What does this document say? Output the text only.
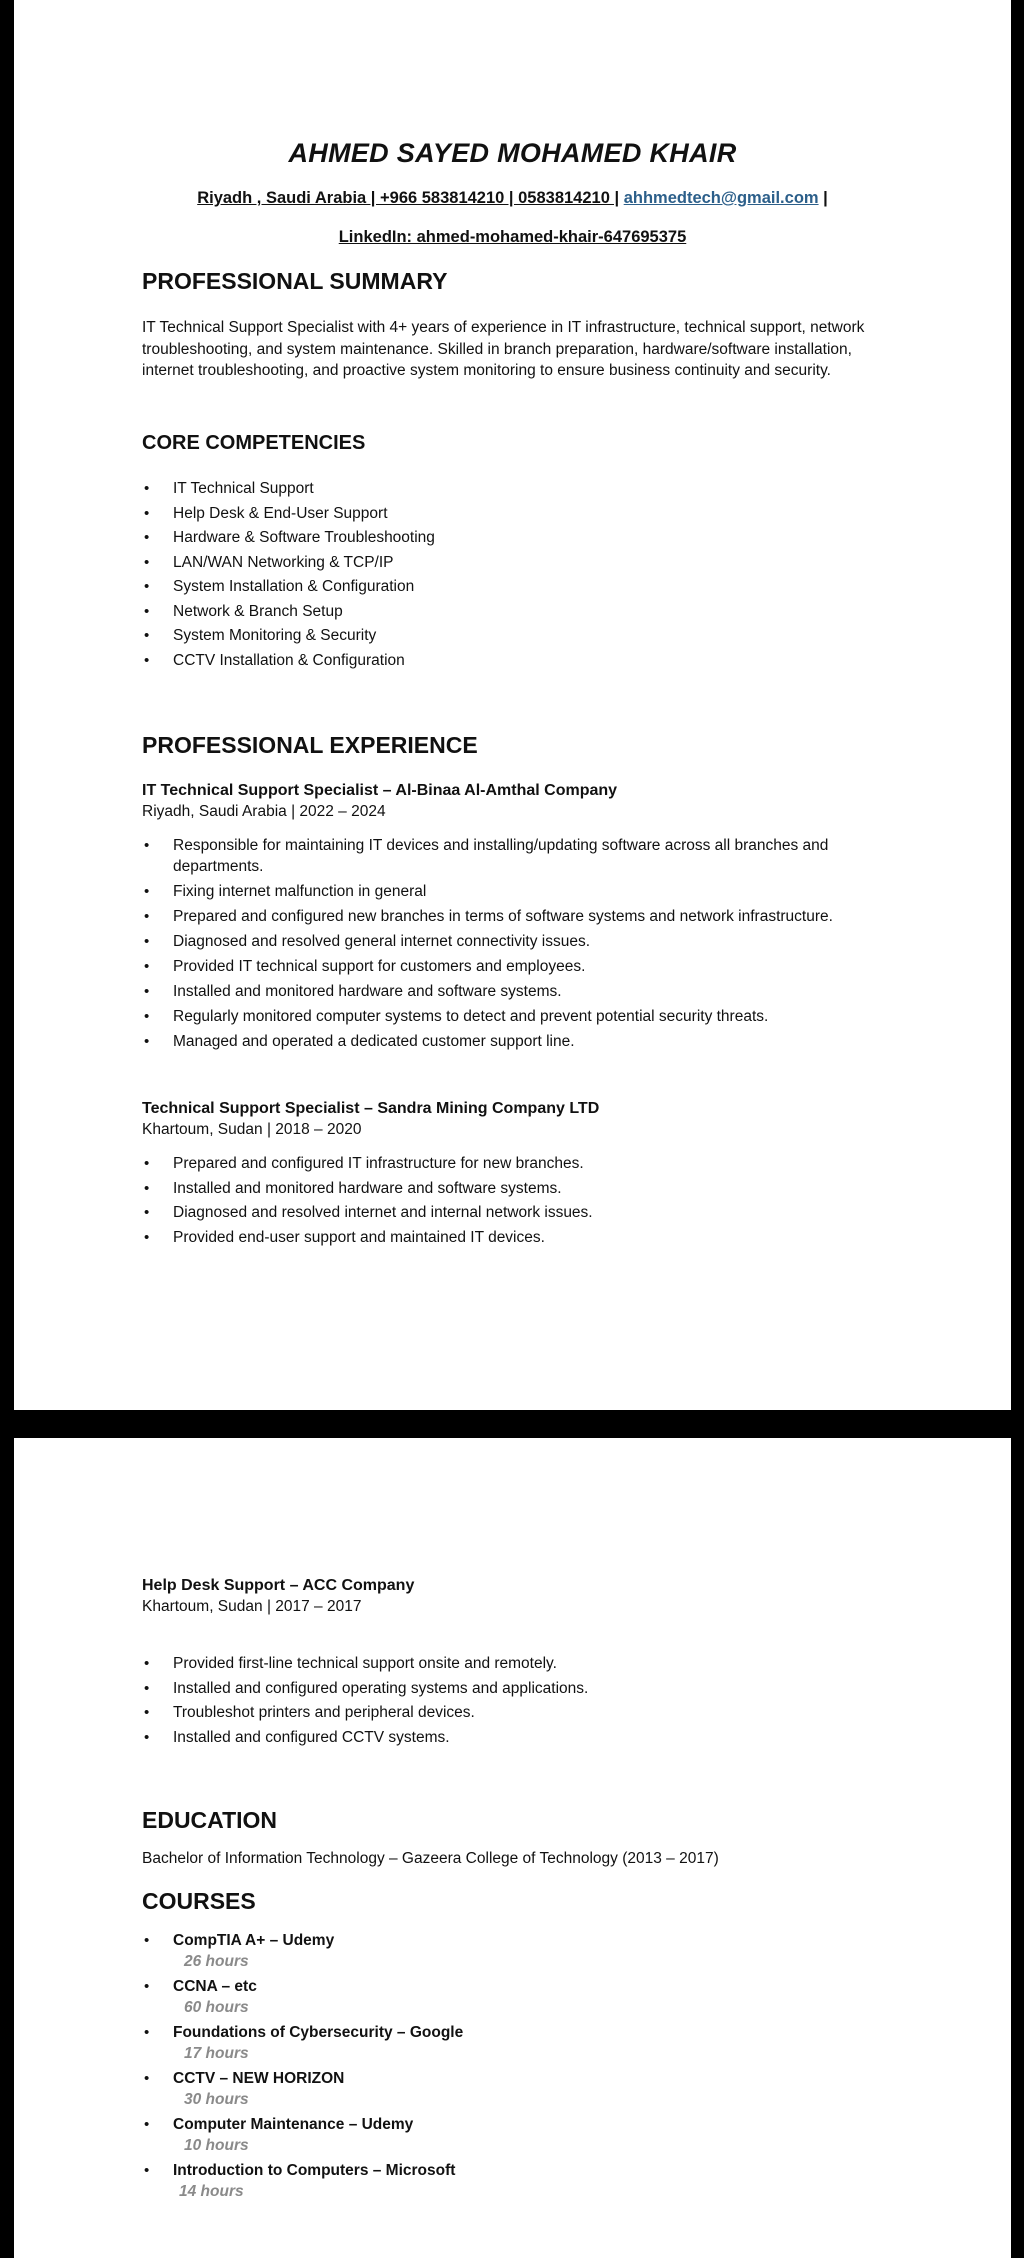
AHMED SAYED MOHAMED KHAIR
Riyadh , Saudi Arabia | +966 583814210 | 0583814210 | ahhmedtech@gmail.com |
LinkedIn: ahmed-mohamed-khair-647695375
PROFESSIONAL SUMMARY

IT Technical Support Specialist with 4+ years of experience in IT infrastructure, technical support, network troubleshooting, and system maintenance. Skilled in branch preparation, hardware/software installation, internet troubleshooting, and proactive system monitoring to ensure business continuity and security.

CORE COMPETENCIES
• IT Technical Support
• Help Desk & End-User Support
• Hardware & Software Troubleshooting
• LAN/WAN Networking & TCP/IP
• System Installation & Configuration
• Network & Branch Setup
• System Monitoring & Security
• CCTV Installation & Configuration
PROFESSIONAL EXPERIENCE
IT Technical Support Specialist – Al-Binaa Al-Amthal Company

Riyadh, Saudi Arabia | 2022 – 2024

• Responsible for maintaining IT devices and installing/updating software across all branches and departments.
• Fixing internet malfunction in general
• Prepared and configured new branches in terms of software systems and network infrastructure.
• Diagnosed and resolved general internet connectivity issues.
• Provided IT technical support for customers and employees.
• Installed and monitored hardware and software systems.
• Regularly monitored computer systems to detect and prevent potential security threats.
• Managed and operated a dedicated customer support line.
Technical Support Specialist – Sandra Mining Company LTD

Khartoum, Sudan | 2018 – 2020

• Prepared and configured IT infrastructure for new branches.
• Installed and monitored hardware and software systems.
• Diagnosed and resolved internet and internal network issues.
• Provided end-user support and maintained IT devices.
Help Desk Support – ACC Company

Khartoum, Sudan | 2017 – 2017

• Provided first-line technical support onsite and remotely.
• Installed and configured operating systems and applications.
• Troubleshot printers and peripheral devices.
• Installed and configured CCTV systems.
EDUCATION

Bachelor of Information Technology – Gazeera College of Technology (2013 – 2017)

COURSES
• CompTIA A+ – Udemy
26 hours
• CCNA – etc
60 hours
• Foundations of Cybersecurity – Google
17 hours
• CCTV – NEW HORIZON
30 hours
• Computer Maintenance – Udemy
10 hours
• Introduction to Computers – Microsoft
14 hours
